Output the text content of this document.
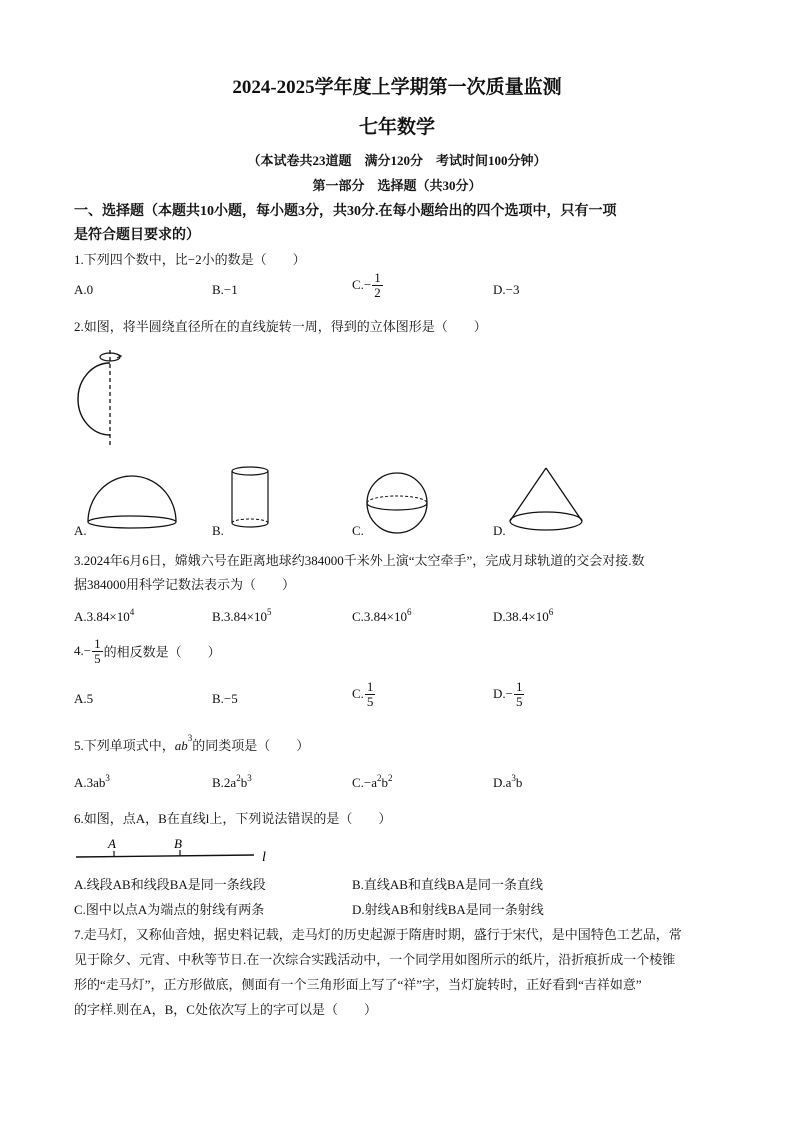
2024-2025学年度上学期第一次质量监测
七年数学
（本试卷共23道题　满分120分　考试时间100分钟）
第一部分　选择题（共30分）
一、选择题（本题共10小题，每小题3分，共30分.在每小题给出的四个选项中，只有一项
是符合题目要求的）
1.下列四个数中，比−2小的数是（　　）
A.0	B.−1	$C.- \frac{1}{2}$	D.−3
2.如图，将半圆绕直径所在的直线旋转一周，得到的立体图形是（　　）
A.	B.	C.	D.
3.2024年6月6日，嫦娥六号在距离地球约384000千米外上演“太空牵手”，完成月球轨道的交会对接.数
据384000用科学记数法表示为（　　）
$A.3.84\times 10^4$	$B.3.84\times 10^5$	$C.3.84\times 10^6$	$D.38.4\times 10^6$
$4.- \frac{1}{5}$ 的相反数是（　　）
A.5	B.−5	C. $\frac{1}{5}$	$D.- \frac{1}{5}$
5.下列单项式中，$ab^3$的同类项是（　　）
$A.3ab^3$	$B.2a^2b^3$	$C.-a^2b^2$	$D.a^3b$
6.如图，点A，B在直线l上，下列说法错误的是（　　）
A	B
l
A.线段AB和线段BA是同一条线段	B.直线AB和直线BA是同一条直线
C.图中以点A为端点的射线有两条	D.射线AB和射线BA是同一条射线
7.走马灯，又称仙音烛，据史料记载，走马灯的历史起源于隋唐时期，盛行于宋代，是中国特色工艺品，常
见于除夕、元宵、中秋等节日.在一次综合实践活动中，一个同学用如图所示的纸片，沿折痕折成一个棱锥
形的“走马灯”，正方形做底，侧面有一个三角形面上写了“祥”字，当灯旋转时，正好看到“吉祥如意”
的字样.则在A，B，C处依次写上的字可以是（　　）
